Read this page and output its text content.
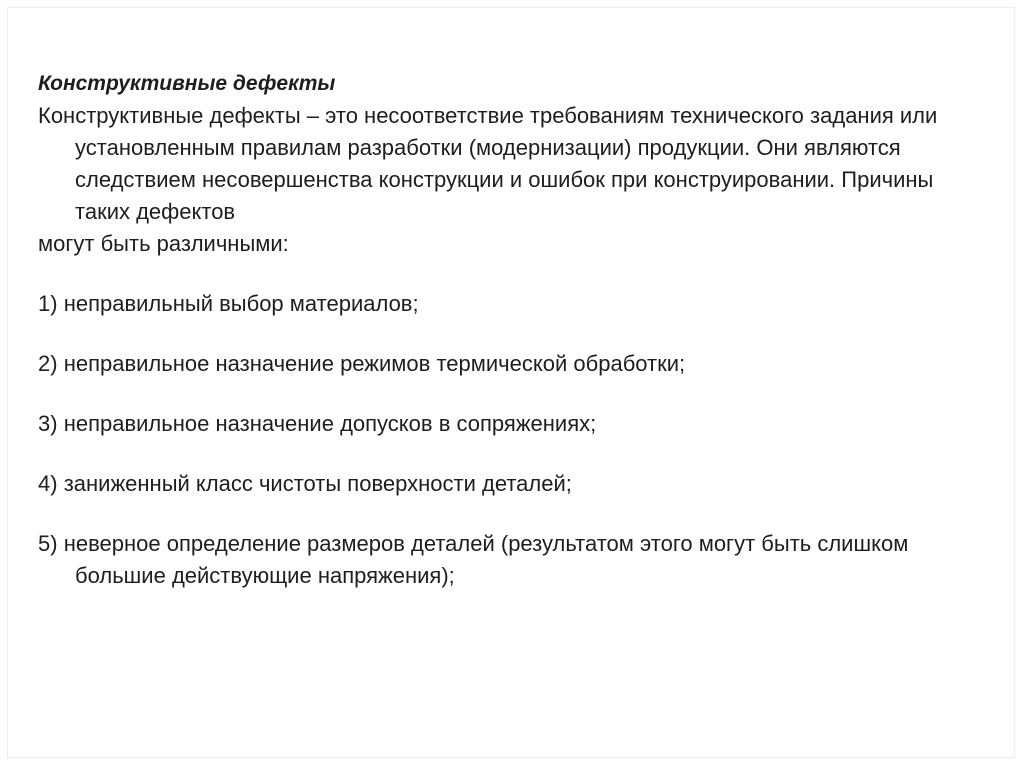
Конструктивные дефекты

Конструктивные дефекты – это несоответствие требованиям технического задания или установленным правилам разработки (модернизации) продукции. Они являются следствием несовершенства конструкции и ошибок при конструировании. Причины таких дефектов

могут быть различными:

1) неправильный выбор материалов;

2) неправильное назначение режимов термической обработки;

3) неправильное назначение допусков в сопряжениях;

4) заниженный класс чистоты поверхности деталей;

5) неверное определение размеров деталей (результатом этого могут быть слишком большие действующие напряжения);
